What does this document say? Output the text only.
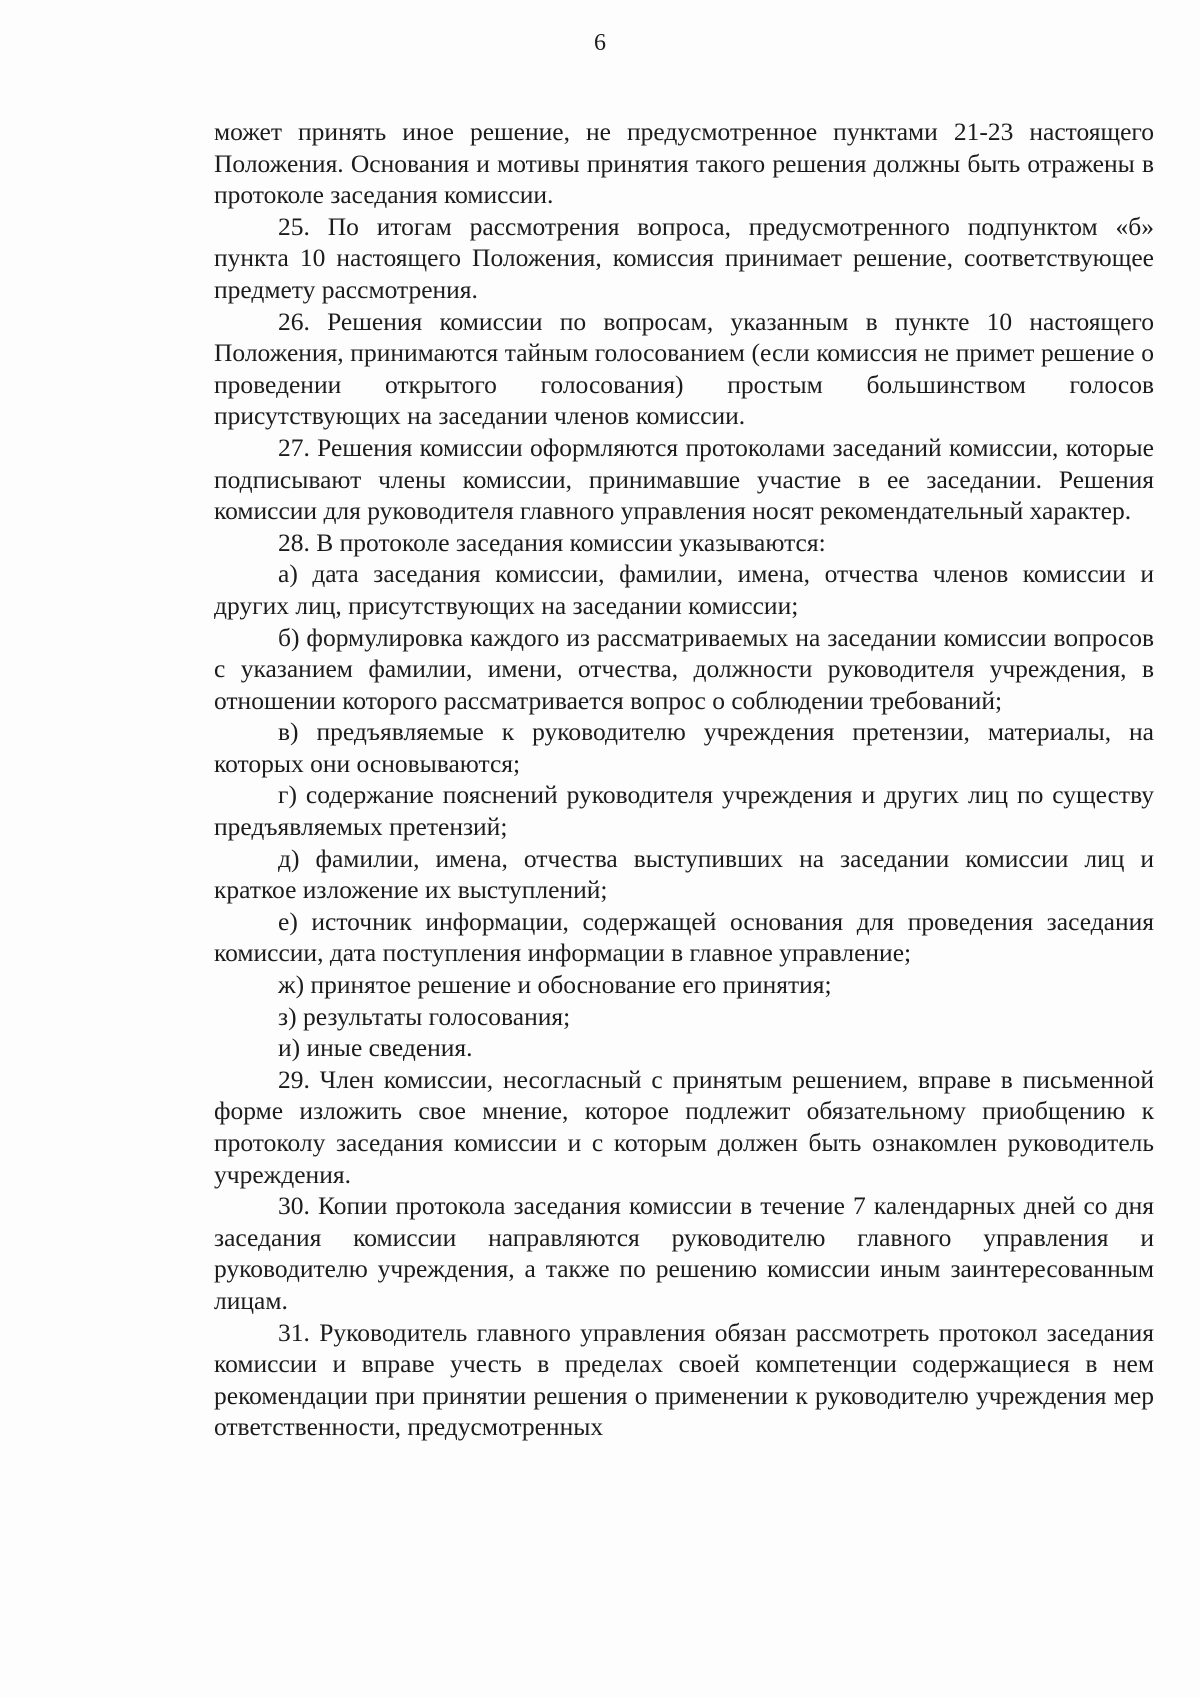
6

может принять иное решение, не предусмотренное пунктами 21-23 настоящего Положения. Основания и мотивы принятия такого решения должны быть отражены в протоколе заседания комиссии.

25. По итогам рассмотрения вопроса, предусмотренного подпунктом «б» пункта 10 настоящего Положения, комиссия принимает решение, соответствующее предмету рассмотрения.

26. Решения комиссии по вопросам, указанным в пункте 10 настоящего Положения, принимаются тайным голосованием (если комиссия не примет решение о проведении открытого голосования) простым большинством голосов присутствующих на заседании членов комиссии.

27. Решения комиссии оформляются протоколами заседаний комиссии, которые подписывают члены комиссии, принимавшие участие в ее заседании. Решения комиссии для руководителя главного управления носят рекомендательный характер.

28. В протоколе заседания комиссии указываются:

а) дата заседания комиссии, фамилии, имена, отчества членов комиссии и других лиц, присутствующих на заседании комиссии;

б) формулировка каждого из рассматриваемых на заседании комиссии вопросов с указанием фамилии, имени, отчества, должности руководителя учреждения, в отношении которого рассматривается вопрос о соблюдении требований;

в) предъявляемые к руководителю учреждения претензии, материалы, на которых они основываются;

г) содержание пояснений руководителя учреждения и других лиц по существу предъявляемых претензий;

д) фамилии, имена, отчества выступивших на заседании комиссии лиц и краткое изложение их выступлений;

е) источник информации, содержащей основания для проведения заседания комиссии, дата поступления информации в главное управление;

ж) принятое решение и обоснование его принятия;

з) результаты голосования;

и) иные сведения.

29. Член комиссии, несогласный с принятым решением, вправе в письменной форме изложить свое мнение, которое подлежит обязательному приобщению к протоколу заседания комиссии и с которым должен быть ознакомлен руководитель учреждения.

30. Копии протокола заседания комиссии в течение 7 календарных дней со дня заседания комиссии направляются руководителю главного управления и руководителю учреждения, а также по решению комиссии иным заинтересованным лицам.

31. Руководитель главного управления обязан рассмотреть протокол заседания комиссии и вправе учесть в пределах своей компетенции содержащиеся в нем рекомендации при принятии решения о применении к руководителю учреждения мер ответственности, предусмотренных
